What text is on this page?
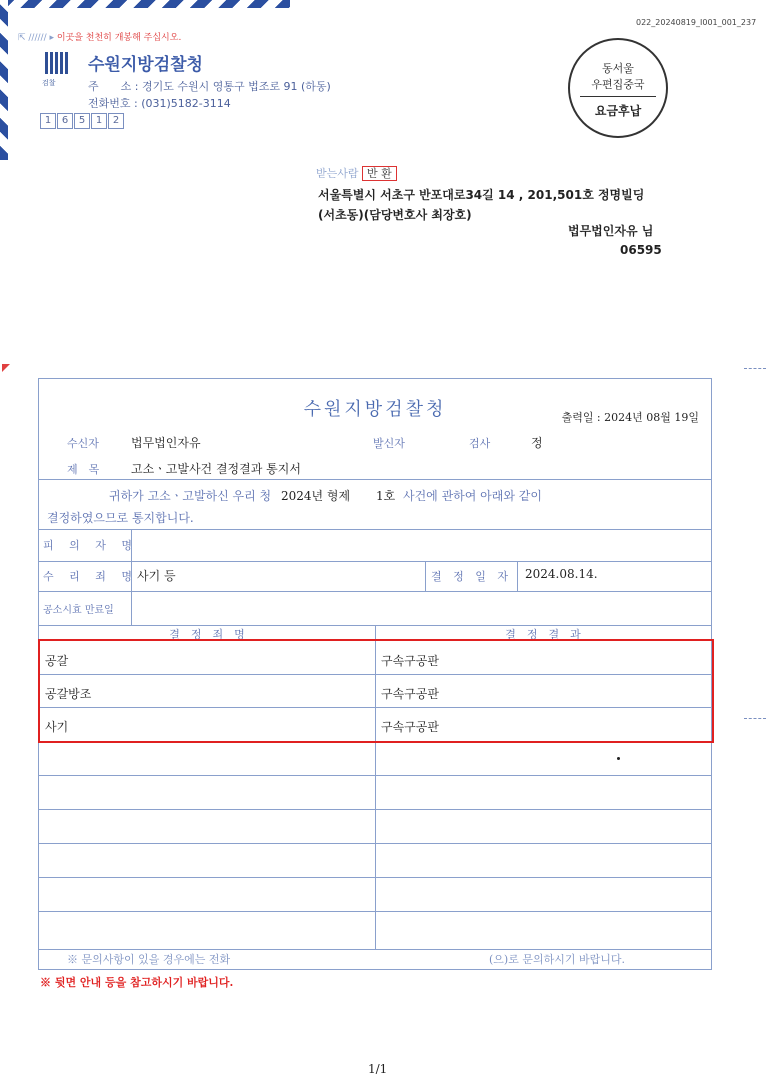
022_20240819_I001_001_237
⇱ ////// ▸ 이곳을 천천히 개봉해 주십시오.
검찰
수원지방검찰청
주　　소 : 경기도 수원시 영통구 법조로 91 (하동)
전화번호 : (031)5182-3114
1 6 5 1 2
동서울
우편집중국
요금후납
받는사람 반 환
서울특별시 서초구 반포대로34길 14 , 201,501호 정명빌딩
(서초동)(담당변호사 최장호)
법무법인자유 님
06595
수원지방검찰청	출력일 : 2024년 08월 19일
수신자	법무법인자유	발신자	검사	정
제　목	고소ㆍ고발사건 결정결과 통지서
귀하가 고소ㆍ고발하신 우리 청 2024년 형제 1호 사건에 관하여 아래와 같이
결정하였으므로 통지합니다.
피 의 자 명
수 리 죄 명 사기 등	결 정 일 자 2024.08.14.
공소시효 만료일
결　정　죄　명	결　정　결　과
공갈	구속구공판
공갈방조	구속구공판
사기	구속구공판
※ 문의사항이 있을 경우에는 전화	(으)로 문의하시기 바랍니다.
※ 뒷면 안내 등을 참고하시기 바랍니다.
1/1
